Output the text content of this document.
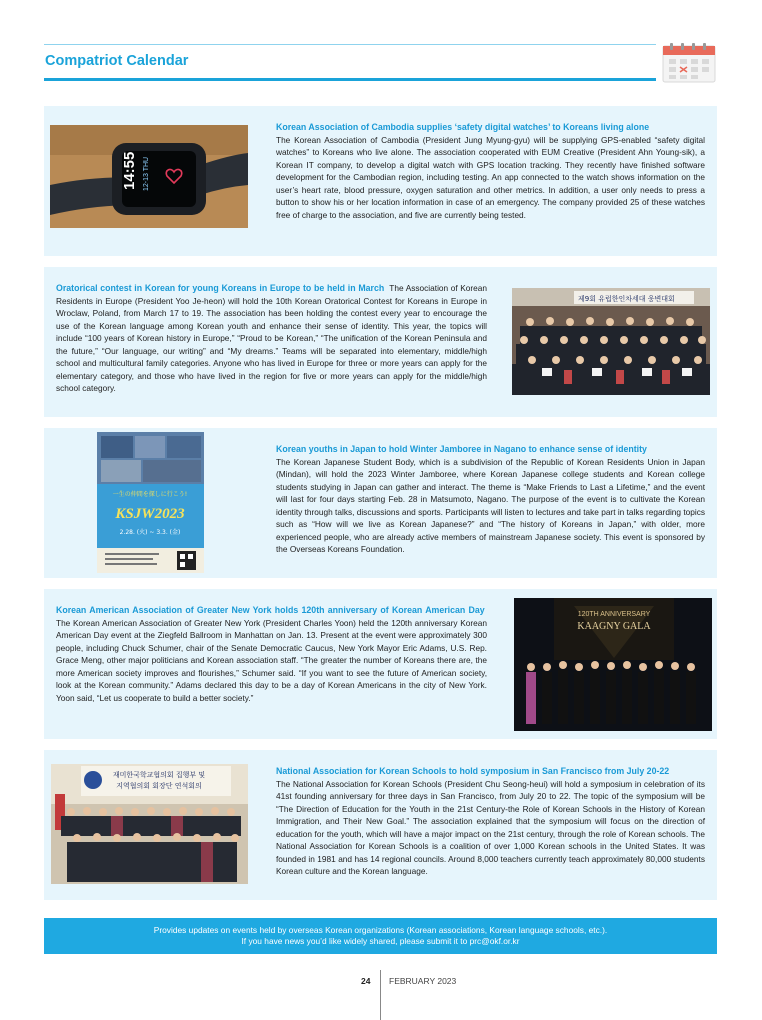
Compatriot Calendar
14:55 12-13 THU
Korean Association of Cambodia supplies ‘safety digital watches’ to Koreans living alone
The Korean Association of Cambodia (President Jung Myung-gyu) will be supplying GPS-enabled “safety digital watches” to Koreans who live alone. The association cooperated with EUM Creative (President Ahn Young-sik), a Korean IT company, to develop a digital watch with GPS location tracking. They recently have finished software development for the Cambodian region, including testing. An app connected to the watch shows information on the user’s heart rate, blood pressure, oxygen saturation and other metrics. In addition, a user only needs to press a button to show his or her location information in case of an emergency. The company provided 25 of these watches free of charge to the association, and five are currently being tested.
Oratorical contest in Korean for young Koreans in Europe to be held in March The Association of Korean Residents in Europe (President Yoo Je-heon) will hold the 10th Korean Oratorical Contest for Koreans in Europe in Wroclaw, Poland, from March 17 to 19. The association has been holding the contest every year to encourage the use of the Korean language among Korean youth and enhance their sense of identity. This year, the topics will include “100 years of Korean history in Europe,” “Proud to be Korean,” “The unification of the Korean Peninsula and the future,” “Our language, our writing” and “My dreams.” Teams will be separated into elementary, middle/high school and multicultural family categories. Anyone who has lived in Europe for three or more years can apply for the elementary category, and those who have lived in the region for five or more years can apply for the middle/high school category.
제9회 유럽한인차세대 웅변대회
一生の仲間を探しに行こう!
KSJW2023
2.28. (火) ~ 3.3. (金)
Korean youths in Japan to hold Winter Jamboree in Nagano to enhance sense of identity
The Korean Japanese Student Body, which is a subdivision of the Republic of Korean Residents Union in Japan (Mindan), will hold the 2023 Winter Jamboree, where Korean Japanese college students and Korean college students studying in Japan can gather and interact. The theme is “Make Friends to Last a Lifetime,” and the event will last for four days starting Feb. 28 in Matsumoto, Nagano. The purpose of the event is to cultivate the Korean identity through talks, discussions and sports. Participants will listen to lectures and take part in talks regarding topics such as “How will we live as Korean Japanese?” and “The history of Koreans in Japan,” with older, more experienced people, who are already active members of mainstream Japanese society. This event is sponsored by the Overseas Koreans Foundation.
Korean American Association of Greater New York holds 120th anniversary of Korean American Day  The Korean American Association of Greater New York (President Charles Yoon) held the 120th anniversary Korean American Day event at the Ziegfeld Ballroom in Manhattan on Jan. 13. Present at the event were approximately 300 people, including Chuck Schumer, chair of the Senate Democratic Caucus, New York Mayor Eric Adams, U.S. Rep. Grace Meng, other major politicians and Korean association staff. “The greater the number of Koreans there are, the more American society improves and flourishes,” Schumer said. “If you want to see the future of American society, look at the Korean community.” Adams declared this day to be a day of Korean Americans in the city of New York. Yoon said, “Let us cooperate to build a better society.”
120TH ANNIVERSARY
KAAGNY GALA
재미한국학교협의회 집행부 및
지역협의회 회장단 연석회의
National Association for Korean Schools to hold symposium in San Francisco from July 20-22
The National Association for Korean Schools (President Chu Seong-heui) will hold a symposium in celebration of its 41st founding anniversary for three days in San Francisco, from July 20 to 22. The topic of the symposium will be “The Direction of Education for the Youth in the 21st Century-the Role of Korean Schools in the History of Korean Immigration, and Their New Goal.” The association explained that the symposium will focus on the direction of education for the youth, which will have a major impact on the 21st century, through the role of Korean schools. The National Association for Korean Schools is a coalition of over 1,000 Korean schools in the United States. It was founded in 1981 and has 14 regional councils. Around 8,000 teachers currently teach approximately 80,000 students Korean culture and the Korean language.
Provides updates on events held by overseas Korean organizations (Korean associations, Korean language schools, etc.).
If you have news you’d like widely shared, please submit it to prc@okf.or.kr
24 FEBRUARY 2023
